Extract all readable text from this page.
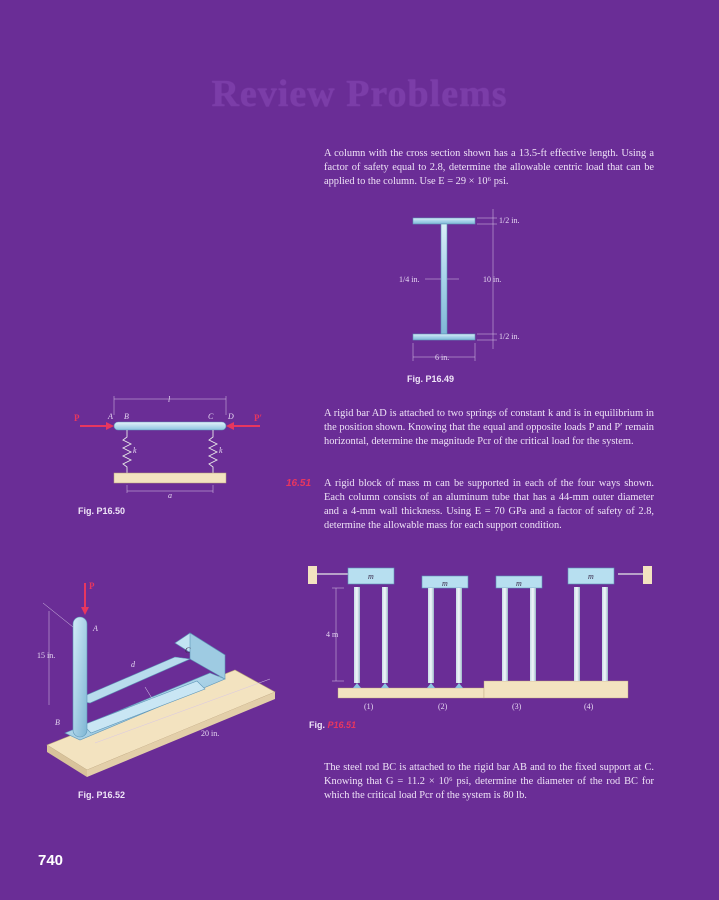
Review Problems
A column with the cross section shown has a 13.5-ft effective length. Using a factor of safety equal to 2.8, determine the allowable centric load that can be applied to the column. Use E = 29 × 10⁶ psi.
1/2 in.
1/4 in.	10 in.
1/2 in.
6 in.
Fig. P16.49
P	A B	C D P′
l
k	k
a
Fig. P16.50
A rigid bar AD is attached to two springs of constant k and is in equilibrium in the position shown. Knowing that the equal and opposite loads P and P′ remain horizontal, determine the magnitude Pcr of the critical load for the system.
16.51 A rigid block of mass m can be supported in each of the four ways shown. Each column consists of an aluminum tube that has a 44-mm outer diameter and a 4-mm wall thickness. Using E = 70 GPa and a factor of safety of 2.8, determine the allowable mass for each support condition.
4 m
m
m	m
m
(1)	(2)	(3)	(4)
Fig. P16.51
P
A
B
C
d
15 in.
20 in.
Fig. P16.52
The steel rod BC is attached to the rigid bar AB and to the fixed support at C. Knowing that G = 11.2 × 10⁶ psi, determine the diameter of the rod BC for which the critical load Pcr of the system is 80 lb.
740
